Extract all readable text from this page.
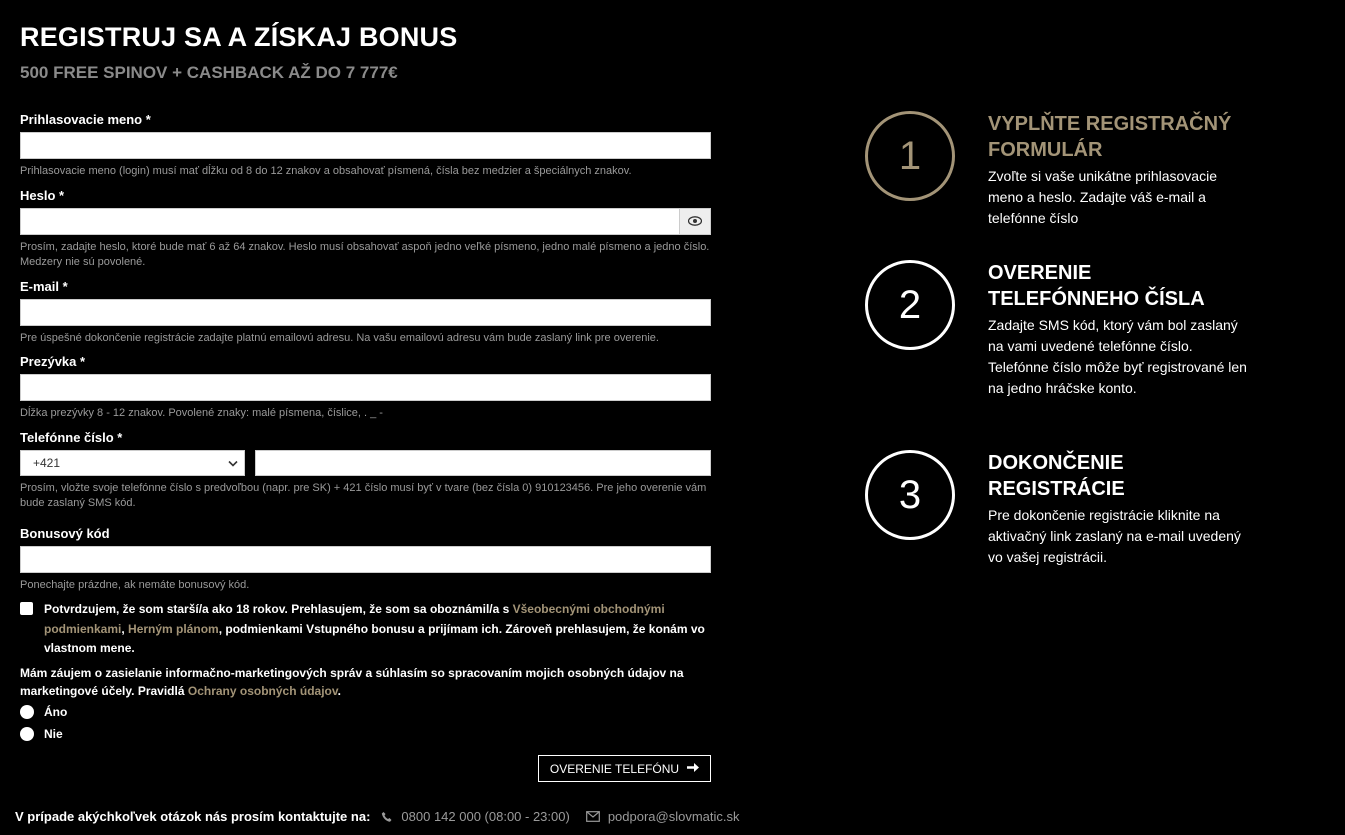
REGISTRUJ SA A ZÍSKAJ BONUS
500 FREE SPINOV + CASHBACK AŽ DO 7 777€
Prihlasovacie meno *
Prihlasovacie meno (login) musí mať dĺžku od 8 do 12 znakov a obsahovať písmená, čísla bez medzier a špeciálnych znakov.
Heslo *
Prosím, zadajte heslo, ktoré bude mať 6 až 64 znakov. Heslo musí obsahovať aspoň jedno veľké písmeno, jedno malé písmeno a jedno číslo. Medzery nie sú povolené.
E-mail *
Pre úspešné dokončenie registrácie zadajte platnú emailovú adresu. Na vašu emailovú adresu vám bude zaslaný link pre overenie.
Prezývka *
Dĺžka prezývky 8 - 12 znakov. Povolené znaky: malé písmena, číslice, . _ -
Telefónne číslo *
+421
Prosím, vložte svoje telefónne číslo s predvoľbou (napr. pre SK) + 421 číslo musí byť v tvare (bez čísla 0) 910123456. Pre jeho overenie vám bude zaslaný SMS kód.
Bonusový kód
Ponechajte prázdne, ak nemáte bonusový kód.
Potvrdzujem, že som starší/a ako 18 rokov. Prehlasujem, že som sa oboznámil/a s Všeobecnými obchodnými podmienkami, Herným plánom, podmienkami Vstupného bonusu a prijímam ich. Zároveň prehlasujem, že konám vo vlastnom mene.
Mám záujem o zasielanie informačno-marketingových správ a súhlasím so spracovaním mojich osobných údajov na marketingové účely. Pravidlá Ochrany osobných údajov.
Áno
Nie
OVERENIE TELEFÓNU
V prípade akýchkoľvek otázok nás prosím kontaktujte na: 0800 142 000 (08:00 - 23:00)	podpora@slovmatic.sk
1
VYPLŇTE REGISTRAČNÝ FORMULÁR
Zvoľte si vaše unikátne prihlasovacie meno a heslo. Zadajte váš e-mail a telefónne číslo
2
OVERENIE TELEFÓNNEHO ČÍSLA
Zadajte SMS kód, ktorý vám bol zaslaný na vami uvedené telefónne číslo. Telefónne číslo môže byť registrované len na jedno hráčske konto.
3
DOKONČENIE REGISTRÁCIE
Pre dokončenie registrácie kliknite na aktivačný link zaslaný na e-mail uvedený vo vašej registrácii.
